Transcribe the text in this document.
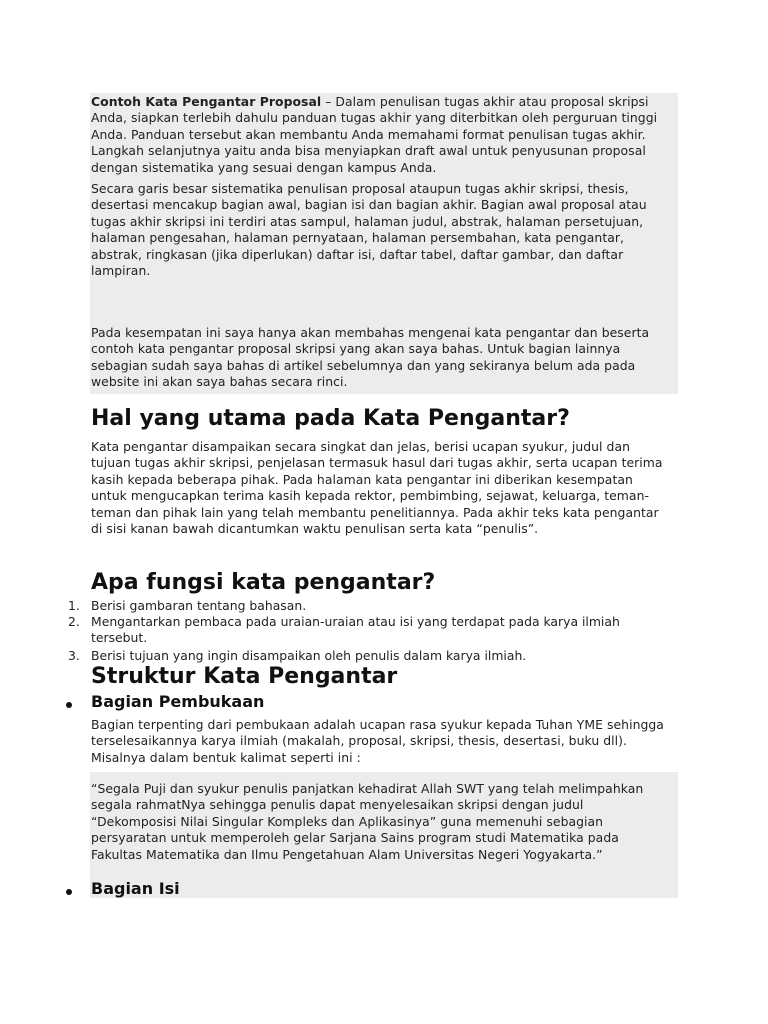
Contoh Kata Pengantar Proposal – Dalam penulisan tugas akhir atau proposal skripsi Anda, siapkan terlebih dahulu panduan tugas akhir yang diterbitkan oleh perguruan tinggi Anda. Panduan tersebut akan membantu Anda memahami format penulisan tugas akhir. Langkah selanjutnya yaitu anda bisa menyiapkan draft awal untuk penyusunan proposal dengan sistematika yang sesuai dengan kampus Anda.

Secara garis besar sistematika penulisan proposal ataupun tugas akhir skripsi, thesis, desertasi mencakup bagian awal, bagian isi dan bagian akhir. Bagian awal proposal atau tugas akhir skripsi ini terdiri atas sampul, halaman judul, abstrak, halaman persetujuan, halaman pengesahan, halaman pernyataan, halaman persembahan, kata pengantar, abstrak, ringkasan (jika diperlukan) daftar isi, daftar tabel, daftar gambar, dan daftar lampiran.

Pada kesempatan ini saya hanya akan membahas mengenai kata pengantar dan beserta contoh kata pengantar proposal skripsi yang akan saya bahas. Untuk bagian lainnya sebagian sudah saya bahas di artikel sebelumnya dan yang sekiranya belum ada pada website ini akan saya bahas secara rinci.

Hal yang utama pada Kata Pengantar?

Kata pengantar disampaikan secara singkat dan jelas, berisi ucapan syukur, judul dan tujuan tugas akhir skripsi, penjelasan termasuk hasul dari tugas akhir, serta ucapan terima kasih kepada beberapa pihak. Pada halaman kata pengantar ini diberikan kesempatan untuk mengucapkan terima kasih kepada rektor, pembimbing, sejawat, keluarga, teman-teman dan pihak lain yang telah membantu penelitiannya. Pada akhir teks kata pengantar di sisi kanan bawah dicantumkan waktu penulisan serta kata “penulis”.

Apa fungsi kata pengantar?
1. Berisi gambaran tentang bahasan.

2. Mengantarkan pembaca pada uraian-uraian atau isi yang terdapat pada karya ilmiah tersebut.

3. Berisi tujuan yang ingin disampaikan oleh penulis dalam karya ilmiah.

Struktur Kata Pengantar
Bagian Pembukaan

Bagian terpenting dari pembukaan adalah ucapan rasa syukur kepada Tuhan YME sehingga terselesaikannya karya ilmiah (makalah, proposal, skripsi, thesis, desertasi, buku dll). Misalnya dalam bentuk kalimat seperti ini :

“Segala Puji dan syukur penulis panjatkan kehadirat Allah SWT yang telah melimpahkan segala rahmatNya sehingga penulis dapat menyelesaikan skripsi dengan judul “Dekomposisi Nilai Singular Kompleks dan Aplikasinya” guna memenuhi sebagian persyaratan untuk memperoleh gelar Sarjana Sains program studi Matematika pada Fakultas Matematika dan Ilmu Pengetahuan Alam Universitas Negeri Yogyakarta.”

Bagian Isi
